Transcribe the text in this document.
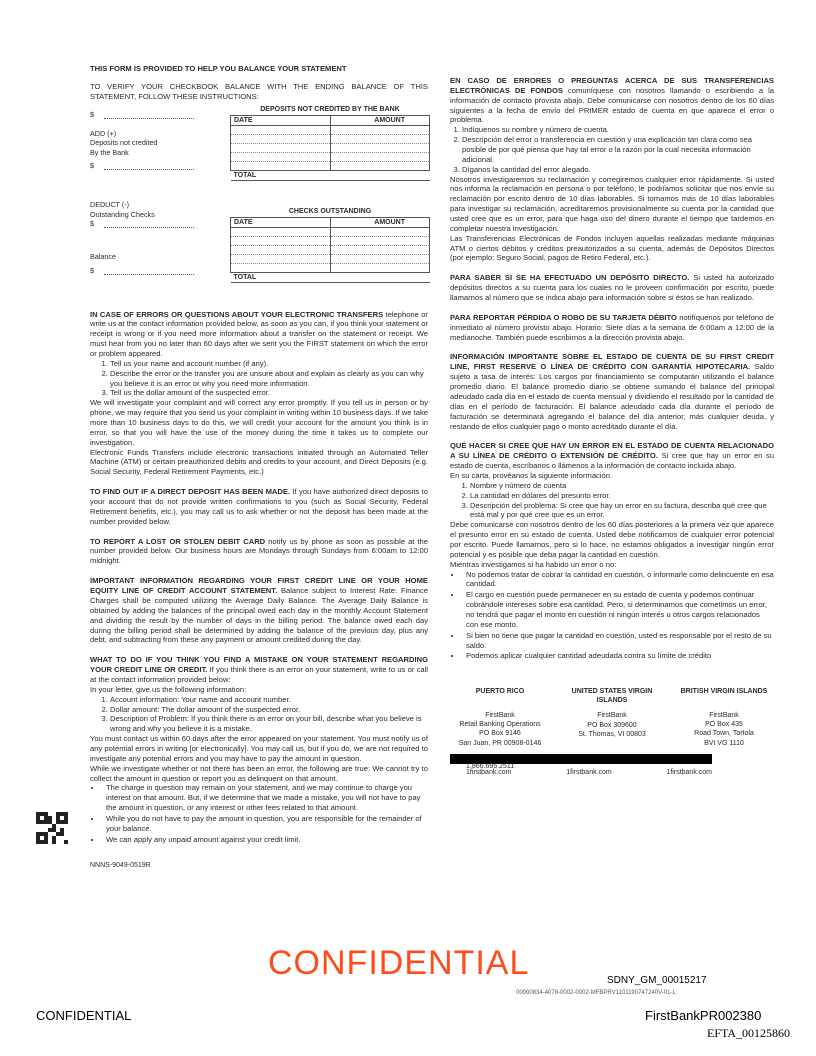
THIS FORM IS PROVIDED TO HELP YOU BALANCE YOUR STATEMENT
TO VERIFY YOUR CHECKBOOK BALANCE WITH THE ENDING BALANCE OF THIS STATEMENT, FOLLOW THESE INSTRUCTIONS:
$
ADD (+)
Deposits not credited By the Bank
$
DEDUCT (-)
Outstanding Checks
$
Balance
$
DEPOSITS NOT CREDITED BY THE BANK	
DATE	AMOUNT

TOTAL	
CHECKS OUTSTANDING	
DATE	AMOUNT

TOTAL	
IN CASE OF ERRORS OR QUESTIONS ABOUT YOUR ELECTRONIC TRANSFERS telephone or write us at the contact information provided below, as soon as you can, if you think your statement or receipt is wrong or if you need more information about a transfer on the statement or receipt. We must hear from you no later than 60 days after we sent you the FIRST statement on which the error or problem appeared.
1. Tell us your name and account number (if any).
2. Describe the error or the transfer you are unsure about and explain as clearly as you can why you believe it is an error or why you need more information.
3. Tell us the dollar amount of the suspected error.
We will investigate your complaint and will correct any error promptly. If you tell us in person or by phone, we may require that you send us your complaint in writing within 10 business days. If we take more than 10 business days to do this, we will credit your account for the amount you think is in error, so that you will have the use of the money during the time it takes us to complete our investigation.
Electronic Funds Transfers include electronic transactions initiated through an Automated Teller Machine (ATM) or certain preauthorized debits and credits to your account, and Direct Deposits (e.g. Social Security, Federal Retirement Payments, etc.)
TO FIND OUT IF A DIRECT DEPOSIT HAS BEEN MADE. If you have authorized direct deposits to your account that do not provide written confirmations to you (such as Social Security, Federal Retirement benefits, etc.), you may call us to ask whether or not the deposit has been made at the number provided below.
TO REPORT A LOST OR STOLEN DEBIT CARD notify us by phone as soon as possible at the number provided below. Our business hours are Mondays through Sundays from 6:00am to 12:00 midnight.
IMPORTANT INFORMATION REGARDING YOUR FIRST CREDIT LINE OR YOUR HOME EQUITY LINE OF CREDIT ACCOUNT STATEMENT. Balance subject to Interest Rate: Finance Charges shall be computed utilizing the Average Daily Balance. The Average Daily Balance is obtained by adding the balances of the principal owed each day in the monthly Account Statement and dividing the result by the number of days in the billing period. The balance owed each day during the billing period shall be determined by adding the balance of the previous day, plus any debt, and subtracting from these any payment or amount credited during the day.
WHAT TO DO IF YOU THINK YOU FIND A MISTAKE ON YOUR STATEMENT REGARDING YOUR CREDIT LINE OR CREDIT. If you think there is an error on your statement, write to us or call at the contact information provided below:
In your letter, give us the following information:
1. Account information: Your name and account number.
2. Dollar amount: The dollar amount of the suspected error.
3. Description of Problem: If you think there is an error on your bill, describe what you believe is wrong and why you believe it is a mistake.
You must contact us within 60 days after the error appeared on your statement. You must notify us of any potential errors in writing [or electronically]. You may call us, but if you do, we are not required to investigate any potential errors and you may have to pay the amount in question.
While we investigate whether or not there has been an error, the following are true: We cannot try to collect the amount in question or report you as delinquent on that amount.
• The charge in question may remain on your statement, and we may continue to charge you interest on that amount. But, if we determine that we made a mistake, you will not have to pay the amount in question, or any interest or other fees related to that amount.
• While you do not have to pay the amount in question, you are responsible for the remainder of your balance.
• We can apply any unpaid amount against your credit limit.
NNNS-9049-0519R
EN CASO DE ERRORES O PREGUNTAS ACERCA DE SUS TRANSFERENCIAS ELECTRÓNICAS DE FONDOS comuníquese con nosotros llamando o escribiendo a la información de contacto provista abajo. Debe comunicarse con nosotros dentro de los 60 días siguientes a la fecha de envío del PRIMER estado de cuenta en que aparece el error o problema.
1. Indíquenos su nombre y número de cuenta.
2. Descripción del error o transferencia en cuestión y una explicación tan clara como sea posible de por qué piensa que hay tal error o la razón por la cual necesita información adicional.
3. Díganos la cantidad del error alegado.
Nosotros investigaremos su reclamación y corregiremos cualquier error rápidamente. Si usted nos informa la reclamación en persona o por teléfono, le podríamos solicitar que nos envíe su reclamación por escrito dentro de 10 días laborables. Si tomamos más de 10 días laborables para investigar su reclamación, acreditaremos provisionalmente su cuenta por la cantidad que usted cree que es un error, para que haga uso del dinero durante el tiempo que tardemos en completar nuestra investigación.
Las Transferencias Electrónicas de Fondos incluyen aquellas realizadas mediante máquinas ATM o ciertos débitos y créditos preautorizados a su cuenta, además de Depósitos Directos (por ejemplo: Seguro Social, pagos de Retiro Federal, etc.).
PARA SABER SI SE HA EFECTUADO UN DEPÓSITO DIRECTO. Si usted ha autorizado depósitos directos a su cuenta para los cuales no le proveen confirmación por escrito, puede llamarnos al número que se indica abajo para información sobre si éstos se han realizado.
PARA REPORTAR PÉRDIDA O ROBO DE SU TARJETA DÉBITO notifíquenos por teléfono de inmediato al número provisto abajo. Horario: Siete días a la semana de 6:00am a 12:00 de la medianoche. También puede escribirnos a la dirección provista abajo.
INFORMACIÓN IMPORTANTE SOBRE EL ESTADO DE CUENTA DE SU FIRST CREDIT LINE, FIRST RESERVE O LÍNEA DE CRÉDITO CON GARANTÍA HIPOTECARIA. Saldo sujeto a tasa de interés: Los cargos por financiamiento se computarán utilizando el balance promedio diario. El balance promedio diario se obtiene sumando el balance del principal adeudado cada día en el estado de cuenta mensual y dividiendo el resultado por la cantidad de días en el período de facturación. El balance adeudado cada día durante el período de facturación se determinará agregando el balance del día anterior, más cualquier deuda, y restando de ellos cualquier pago o monto acreditado durante el día.
QUÉ HACER SI CREE QUE HAY UN ERROR EN EL ESTADO DE CUENTA RELACIONADO A SU LÍNEA DE CRÉDITO O EXTENSIÓN DE CRÉDITO. Si cree que hay un error en su estado de cuenta, escríbanos o llámenos a la información de contacto incluida abajo.
En su carta, provéanos la siguiente información.
1. Nombre y número de cuenta
2. La cantidad en dólares del presunto error.
3. Descripción del problema: Si cree que hay un error en su factura, describa qué cree que está mal y por qué cree que es un error.
Debe comunicarse con nosotros dentro de los 60 días posteriores a la primera vez que aparece el presunto error en su estado de cuenta. Usted debe notificarnos de cualquier error potencial por escrito. Puede llamarnos, pero si lo hace, no estamos obligados a investigar ningún error potencial y es posible que deba pagar la cantidad en cuestión.
Mientras investigamos si ha habido un error o no:
• No podemos tratar de cobrar la cantidad en cuestión, o informarle como delincuente en esa cantidad.
• El cargo en cuestión puede permanecer en su estado de cuenta y podemos continuar cobrándole intereses sobre esa cantidad. Pero, si determinamos que cometimos un error, no tendrá que pagar el monto en cuestión ni ningún interés u otros cargos relacionados con ese monto.
• Si bien no tiene que pagar la cantidad en cuestión, usted es responsable por el resto de su saldo.
• Podemos aplicar cualquier cantidad adeudada contra su límite de crédito
PUERTO RICO
FirstBank
Retail Banking Operations
PO Box 9146
San Juan, PR 00908-0146
UNITED STATES VIRGIN ISLANDS
FirstBank
PO Box 309600
St. Thomas, VI 00803
BRITISH VIRGIN ISLANDS
FirstBank
PO Box 435
Road Town, Tortola
BVI VG 1110
1.866.695.2511
1firstbank.com	1firstbank.com	1firstbank.com
CONFIDENTIAL	SDNY_GM_00015217
00000834-4078-0002-0002-MFBPRV1101190747240V-01-L
CONFIDENTIAL	FirstBankPR002380
EFTA_00125860
